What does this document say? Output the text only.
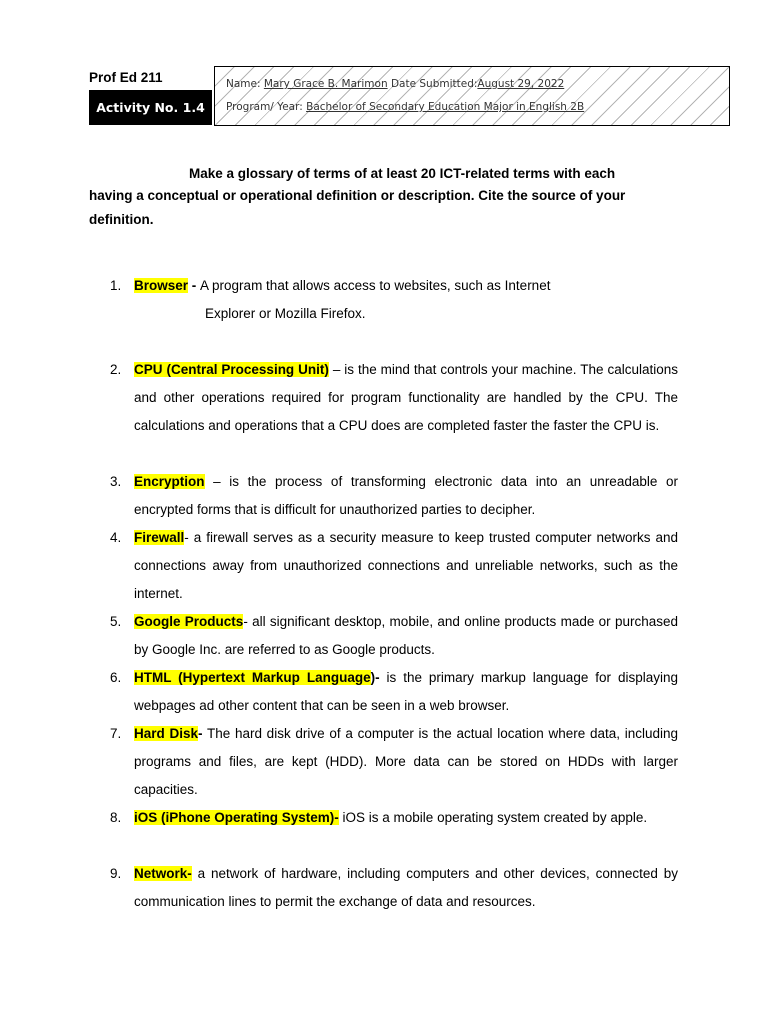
Prof Ed 211
Activity No. 1.4
Name: Mary Grace B. Marimon Date Submitted:August 29, 2022
Program/ Year: Bachelor of Secondary Education Major in English 2B

Make a glossary of terms of at least 20 ICT-related terms with each

having a conceptual or operational definition or description. Cite the source of your

definition.

1. Browser - A program that allows access to websites, such as Internet
Explorer or Mozilla Firefox.
2. CPU (Central Processing Unit) – is the mind that controls your machine. The calculations and other operations required for program functionality are handled by the CPU. The calculations and operations that a CPU does are completed faster the faster the CPU is.
3. Encryption – is the process of transforming electronic data into an unreadable or encrypted forms that is difficult for unauthorized parties to decipher.
4. Firewall- a firewall serves as a security measure to keep trusted computer networks and connections away from unauthorized connections and unreliable networks, such as the internet.
5. Google Products- all significant desktop, mobile, and online products made or purchased by Google Inc. are referred to as Google products.
6. HTML (Hypertext Markup Language)- is the primary markup language for displaying webpages ad other content that can be seen in a web browser.
7. Hard Disk- The hard disk drive of a computer is the actual location where data, including programs and files, are kept (HDD). More data can be stored on HDDs with larger capacities.
8. iOS (iPhone Operating System)- iOS is a mobile operating system created by apple.
9. Network- a network of hardware, including computers and other devices, connected by communication lines to permit the exchange of data and resources.
